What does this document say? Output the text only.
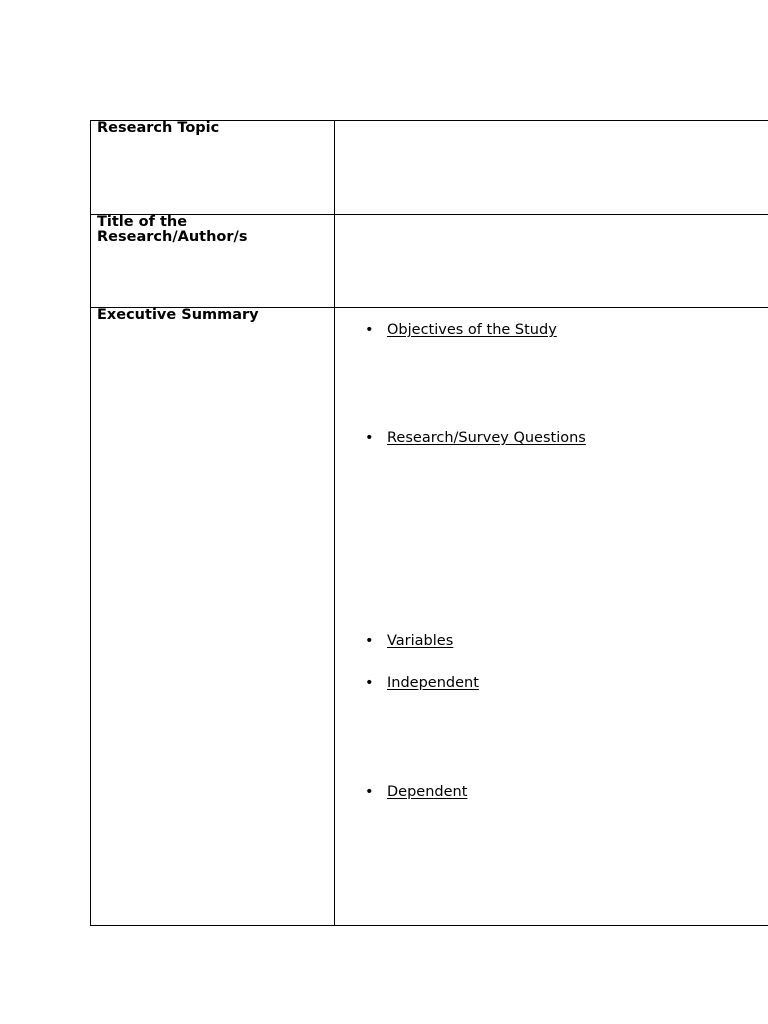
Research Topic	

Title of the Research/Author/s	

Executive Summary	• Objectives of the Study
• Research/Survey Questions
• Variables
• Independent
• Dependent
